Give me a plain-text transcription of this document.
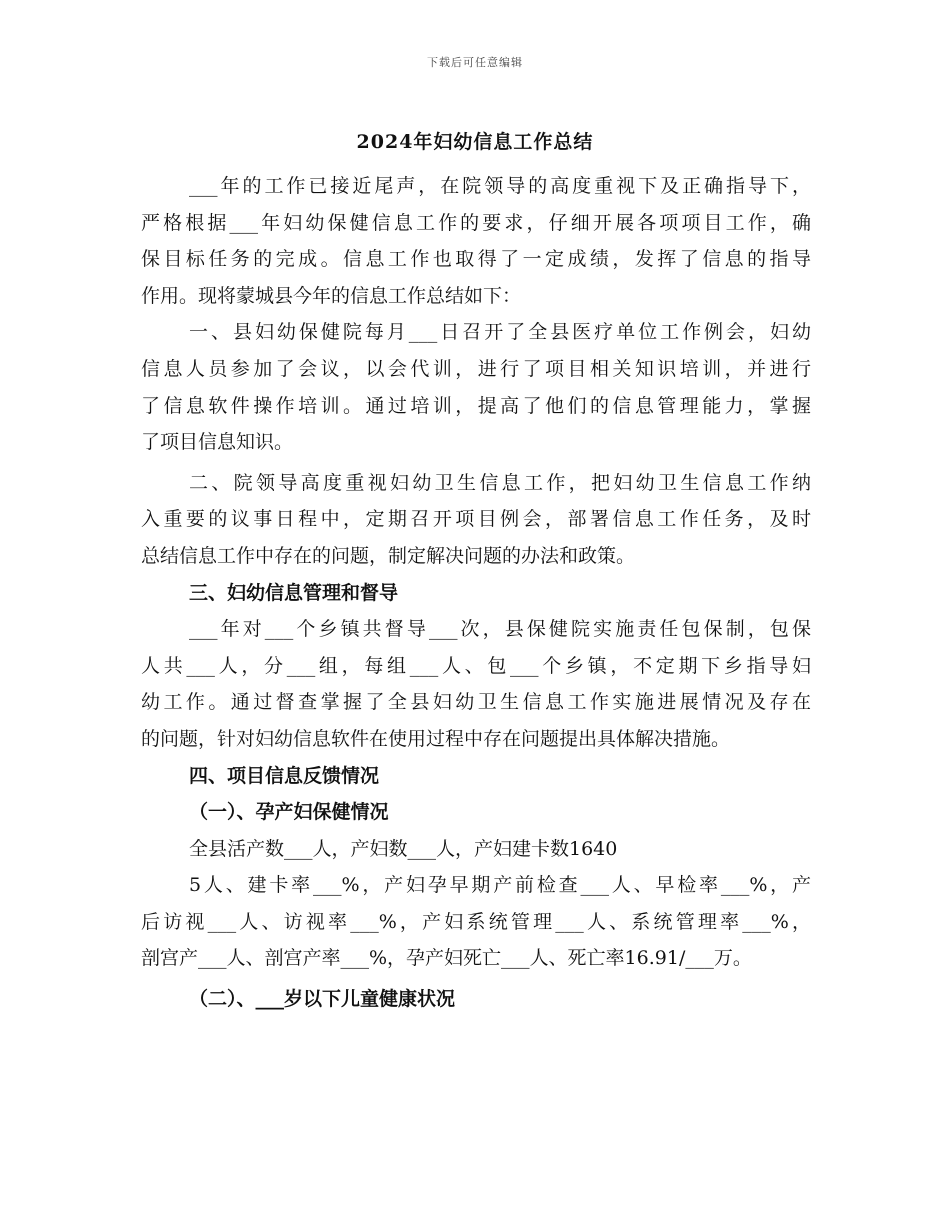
下载后可任意编辑
2024年妇幼信息工作总结
___年的工作已接近尾声，在院领导的高度重视下及正确指导下，
严格根据___年妇幼保健信息工作的要求，仔细开展各项项目工作，确
保目标任务的完成。信息工作也取得了一定成绩，发挥了信息的指导
作用。现将蒙城县今年的信息工作总结如下：
一、县妇幼保健院每月___日召开了全县医疗单位工作例会，妇幼
信息人员参加了会议，以会代训，进行了项目相关知识培训，并进行
了信息软件操作培训。通过培训，提高了他们的信息管理能力，掌握
了项目信息知识。
二、院领导高度重视妇幼卫生信息工作，把妇幼卫生信息工作纳
入重要的议事日程中，定期召开项目例会，部署信息工作任务，及时
总结信息工作中存在的问题，制定解决问题的办法和政策。
三、妇幼信息管理和督导
___年对___个乡镇共督导___次，县保健院实施责任包保制，包保
人共___人，分___组，每组___人、包___个乡镇，不定期下乡指导妇
幼工作。通过督查掌握了全县妇幼卫生信息工作实施进展情况及存在
的问题，针对妇幼信息软件在使用过程中存在问题提出具体解决措施。
四、项目信息反馈情况
（一）、孕产妇保健情况
全县活产数___人，产妇数___人，产妇建卡数1640
5人、建卡率___%，产妇孕早期产前检查___人、早检率___%，产
后访视___人、访视率___%，产妇系统管理___人、系统管理率___%，
剖宫产___人、剖宫产率___%，孕产妇死亡___人、死亡率16.91/___万。
（二）、___岁以下儿童健康状况
